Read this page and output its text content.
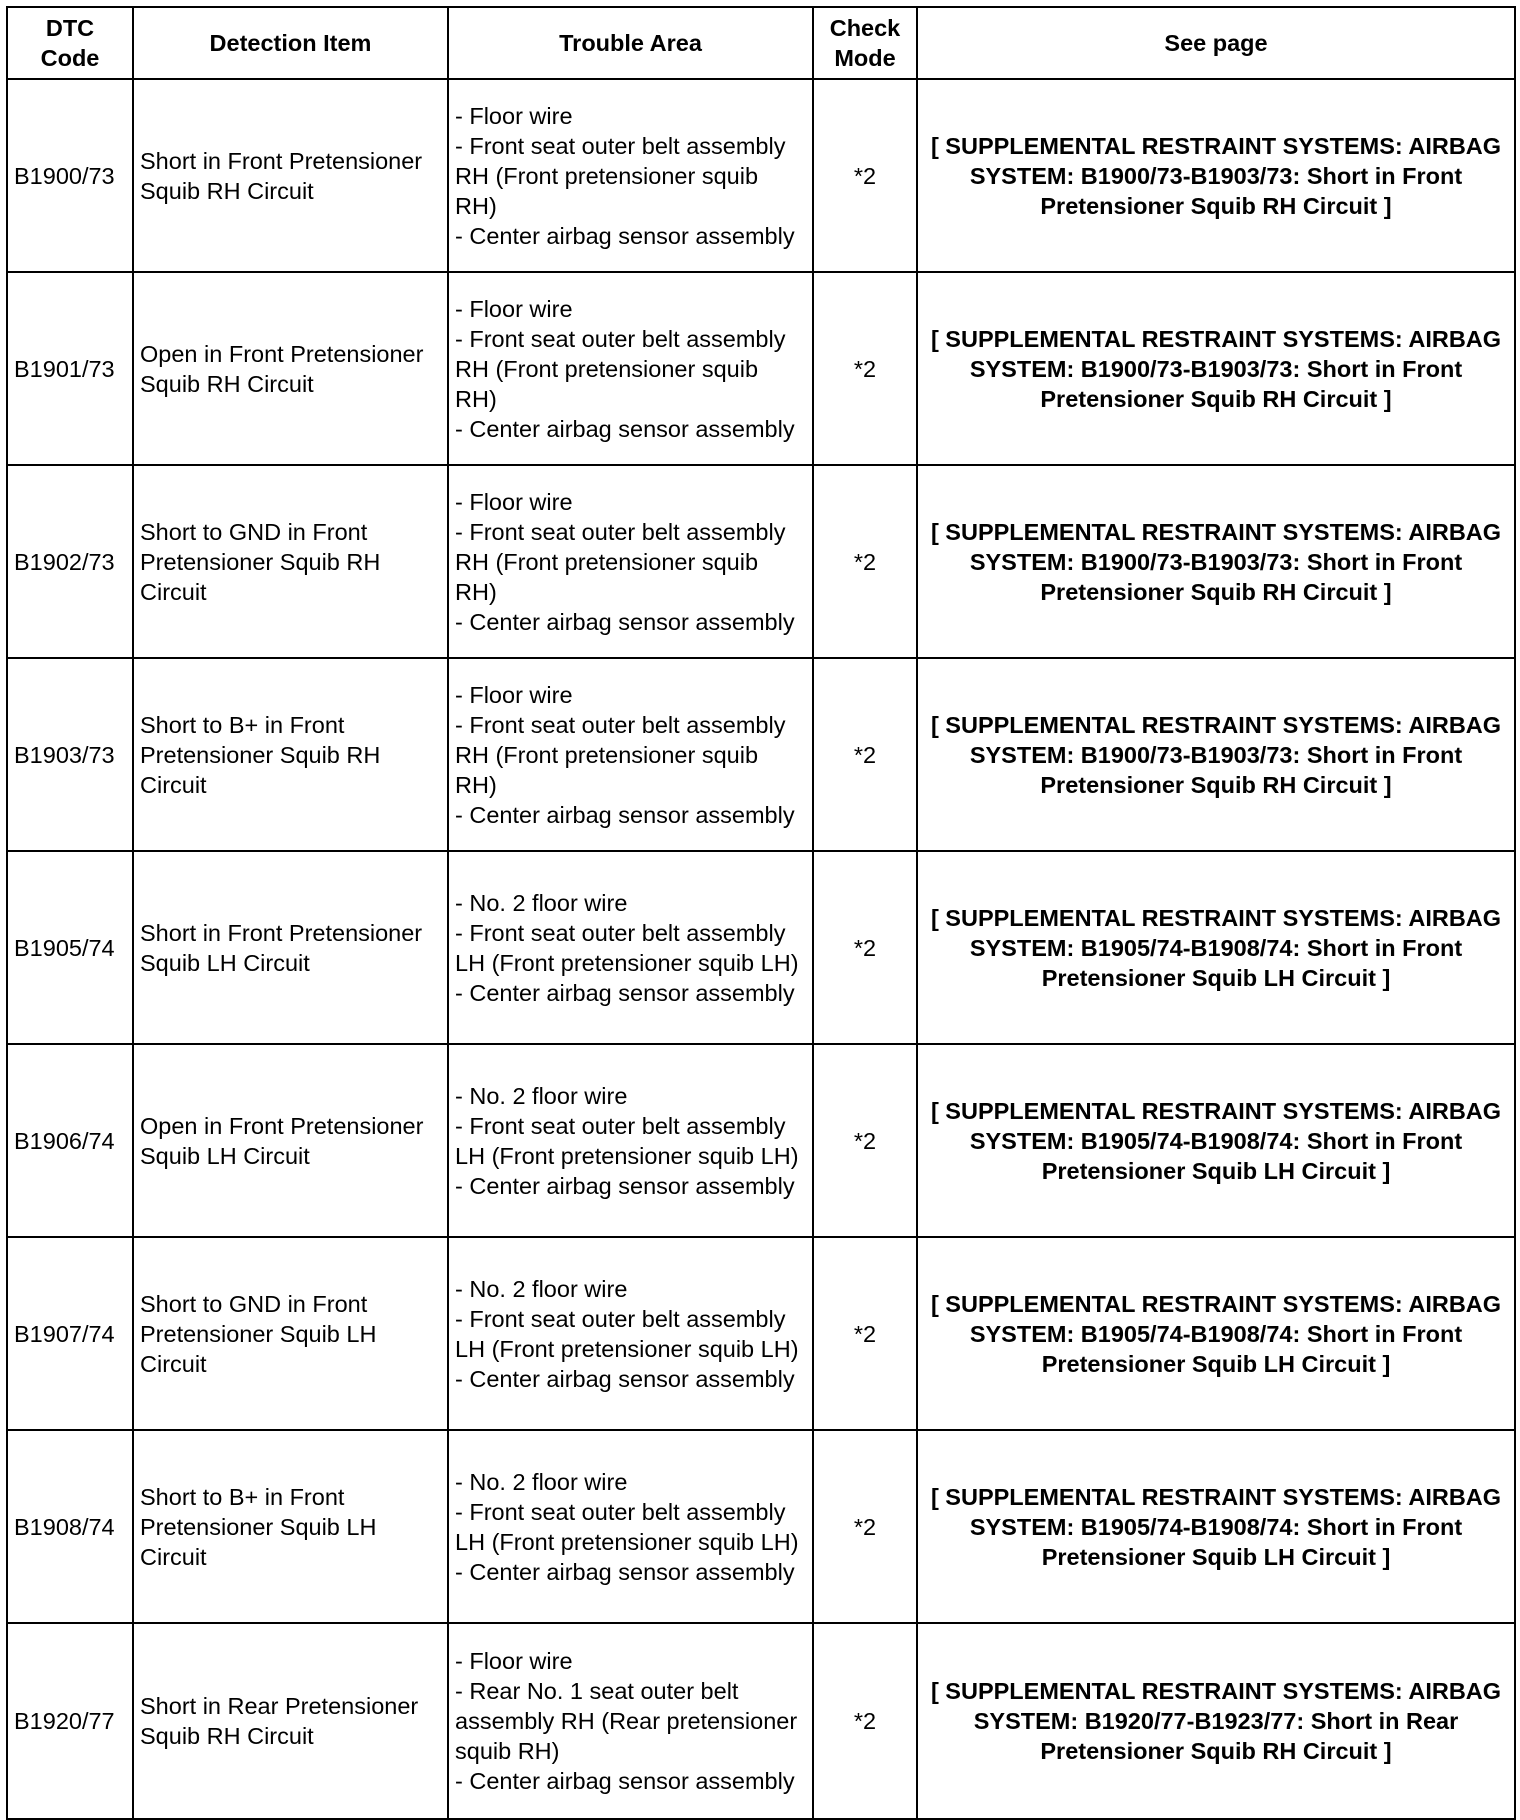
DTC Code	Detection Item	Trouble Area	Check Mode	See page
B1900/73	Short in Front Pretensioner Squib RH Circuit	- Floor wire
- Front seat outer belt assembly RH (Front pretensioner squib RH)
- Center airbag sensor assembly	*2	[ SUPPLEMENTAL RESTRAINT SYSTEMS: AIRBAG SYSTEM: B1900/73-B1903/73: Short in Front Pretensioner Squib RH Circuit ]
B1901/73	Open in Front Pretensioner Squib RH Circuit	- Floor wire
- Front seat outer belt assembly RH (Front pretensioner squib RH)
- Center airbag sensor assembly	*2	[ SUPPLEMENTAL RESTRAINT SYSTEMS: AIRBAG SYSTEM: B1900/73-B1903/73: Short in Front Pretensioner Squib RH Circuit ]
B1902/73	Short to GND in Front Pretensioner Squib RH Circuit	- Floor wire
- Front seat outer belt assembly RH (Front pretensioner squib RH)
- Center airbag sensor assembly	*2	[ SUPPLEMENTAL RESTRAINT SYSTEMS: AIRBAG SYSTEM: B1900/73-B1903/73: Short in Front Pretensioner Squib RH Circuit ]
B1903/73	Short to B+ in Front Pretensioner Squib RH Circuit	- Floor wire
- Front seat outer belt assembly RH (Front pretensioner squib RH)
- Center airbag sensor assembly	*2	[ SUPPLEMENTAL RESTRAINT SYSTEMS: AIRBAG SYSTEM: B1900/73-B1903/73: Short in Front Pretensioner Squib RH Circuit ]
B1905/74	Short in Front Pretensioner Squib LH Circuit	- No. 2 floor wire
- Front seat outer belt assembly LH (Front pretensioner squib LH)
- Center airbag sensor assembly	*2	[ SUPPLEMENTAL RESTRAINT SYSTEMS: AIRBAG SYSTEM: B1905/74-B1908/74: Short in Front Pretensioner Squib LH Circuit ]
B1906/74	Open in Front Pretensioner Squib LH Circuit	- No. 2 floor wire
- Front seat outer belt assembly LH (Front pretensioner squib LH)
- Center airbag sensor assembly	*2	[ SUPPLEMENTAL RESTRAINT SYSTEMS: AIRBAG SYSTEM: B1905/74-B1908/74: Short in Front Pretensioner Squib LH Circuit ]
B1907/74	Short to GND in Front Pretensioner Squib LH Circuit	- No. 2 floor wire
- Front seat outer belt assembly LH (Front pretensioner squib LH)
- Center airbag sensor assembly	*2	[ SUPPLEMENTAL RESTRAINT SYSTEMS: AIRBAG SYSTEM: B1905/74-B1908/74: Short in Front Pretensioner Squib LH Circuit ]
B1908/74	Short to B+ in Front Pretensioner Squib LH Circuit	- No. 2 floor wire
- Front seat outer belt assembly LH (Front pretensioner squib LH)
- Center airbag sensor assembly	*2	[ SUPPLEMENTAL RESTRAINT SYSTEMS: AIRBAG SYSTEM: B1905/74-B1908/74: Short in Front Pretensioner Squib LH Circuit ]
B1920/77	Short in Rear Pretensioner Squib RH Circuit	- Floor wire
- Rear No. 1 seat outer belt assembly RH (Rear pretensioner squib RH)
- Center airbag sensor assembly	*2	[ SUPPLEMENTAL RESTRAINT SYSTEMS: AIRBAG SYSTEM: B1920/77-B1923/77: Short in Rear Pretensioner Squib RH Circuit ]
